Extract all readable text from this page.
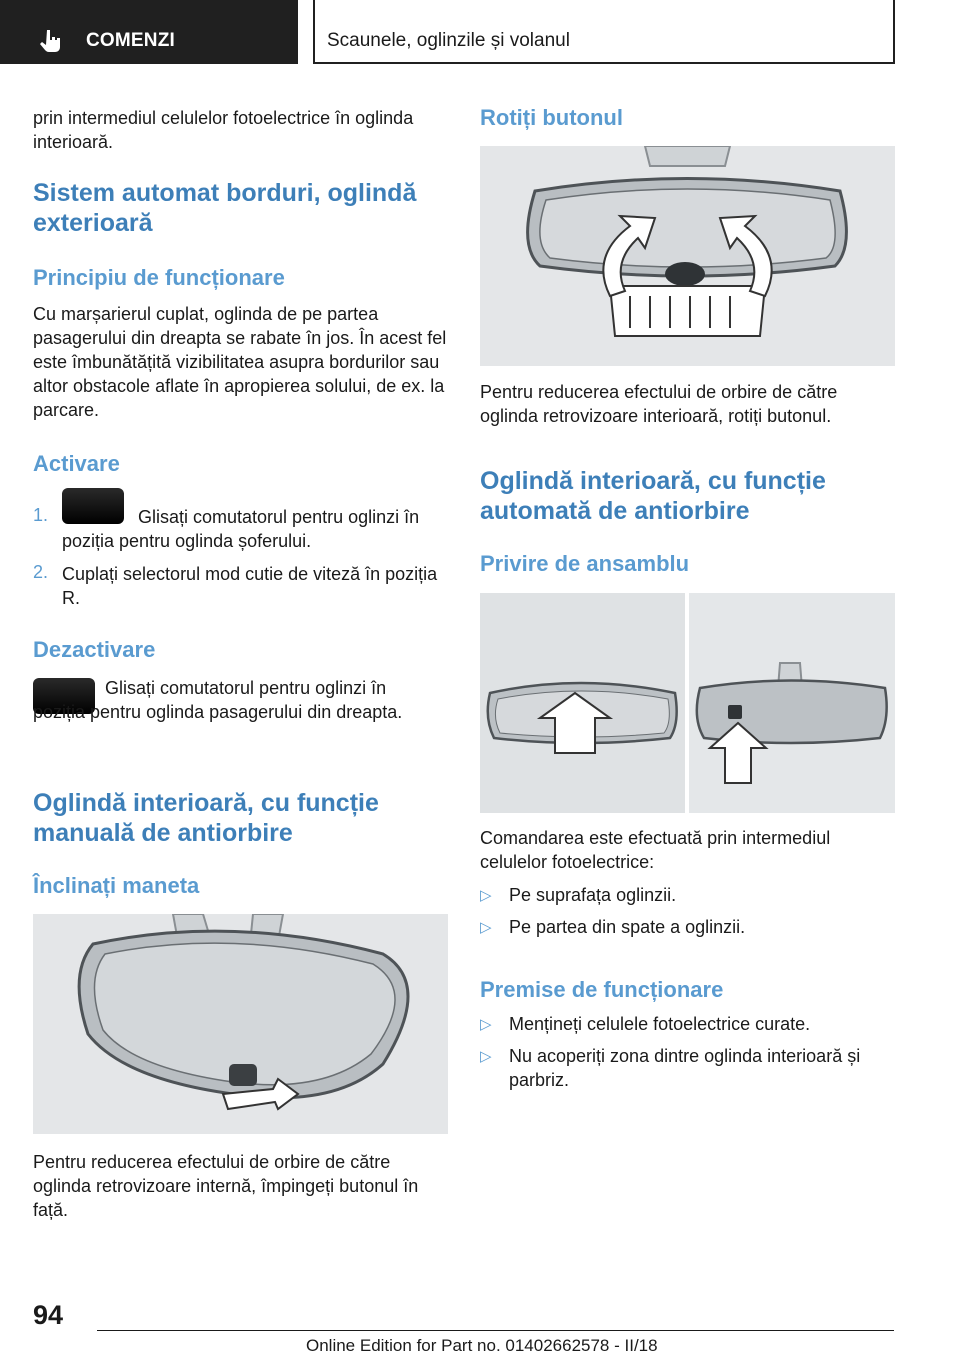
COMENZI	Scaunele, oglinzile și volanul

prin intermediul celulelor fotoelectrice în oglinda interioară.

Sistem automat borduri, oglindă exterioară
Principiu de funcționare

Cu marșarierul cuplat, oglinda de pe partea pasagerului din dreapta se rabate în jos. În acest fel este îmbunătățită vizibilitatea asupra bordurilor sau altor obstacole aflate în apropierea solului, de ex. la parcare.

Activare
1.	Glisați comutatorul pentru oglinzi în poziția pentru oglinda șoferului.

2. Cuplați selectorul mod cutie de viteză în poziția R.

Dezactivare

Glisați comutatorul pentru oglinzi în poziția pentru oglinda pasagerului din dreapta.

Oglindă interioară, cu funcție manuală de antiorbire
Înclinați maneta

Pentru reducerea efectului de orbire de către oglinda retrovizoare internă, împingeți butonul în față.

Rotiți butonul

Pentru reducerea efectului de orbire de către oglinda retrovizoare interioară, rotiți butonul.

Oglindă interioară, cu funcție automată de antiorbire
Privire de ansamblu

Comandarea este efectuată prin intermediul celulelor fotoelectrice:

▷ Pe suprafața oglinzii.

▷ Pe partea din spate a oglinzii.

Premise de funcționare
▷ Mențineți celulele fotoelectrice curate.

▷ Nu acoperiți zona dintre oglinda interioară și parbriz.

94
Online Edition for Part no. 01402662578 - II/18
